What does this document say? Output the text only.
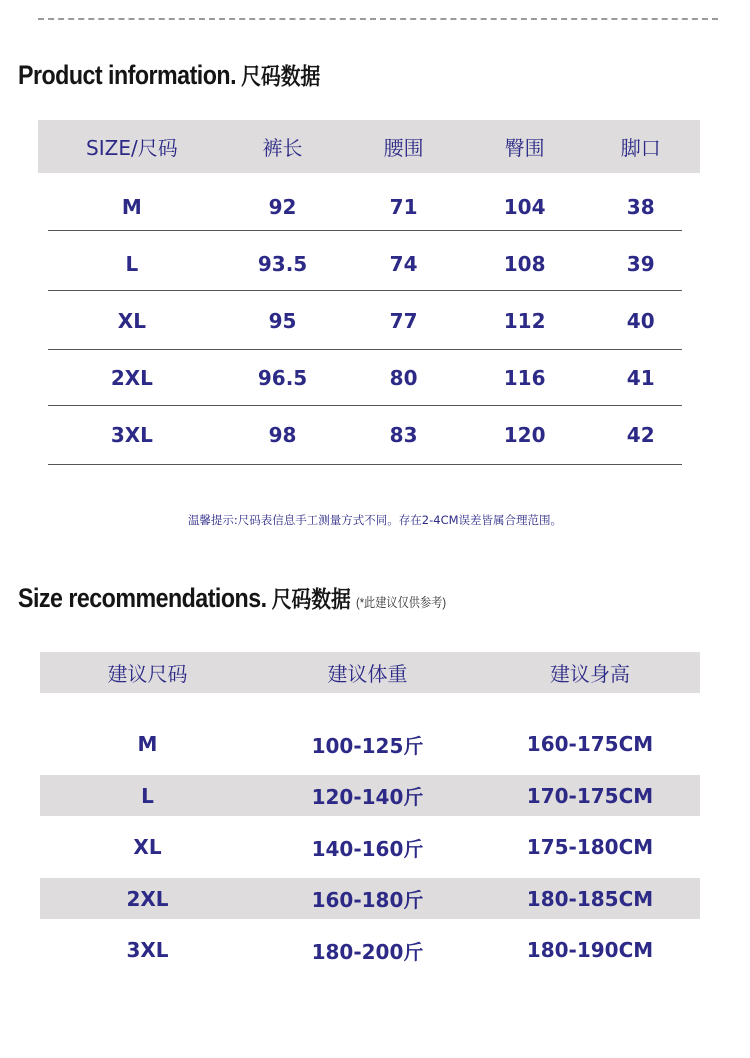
Product information. 尺码数据
SIZE/尺码	裤长	腰围	臀围	脚口
M	92	71	104	38
L	93.5	74	108	39
XL	95	77	112	40
2XL	96.5	80	116	41
3XL	98	83	120	42
温馨提示:尺码表信息手工测量方式不同。存在2-4CM误差皆属合理范围。
Size recommendations. 尺码数据 (*此建议仅供参考)
建议尺码	建议体重	建议身高
M	100-125斤	160-175CM
L	120-140斤	170-175CM
XL	140-160斤	175-180CM
2XL	160-180斤	180-185CM
3XL	180-200斤	180-190CM
